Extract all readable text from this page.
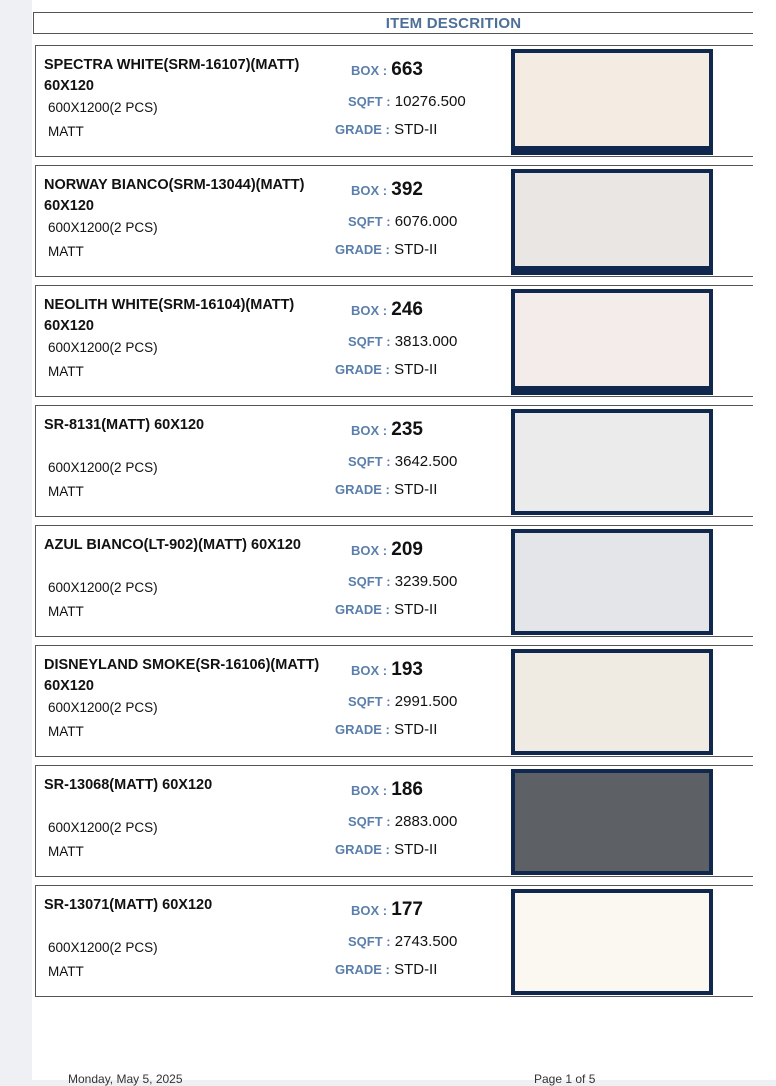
ITEM DESCRITION
SPECTRA WHITE(SRM-16107)(MATT) 60X120
600X1200(2 PCS)
MATT
BOX : 663
SQFT : 10276.500
GRADE : STD-II
NORWAY BIANCO(SRM-13044)(MATT) 60X120
600X1200(2 PCS)
MATT
BOX : 392
SQFT : 6076.000
GRADE : STD-II
NEOLITH WHITE(SRM-16104)(MATT) 60X120
600X1200(2 PCS)
MATT
BOX : 246
SQFT : 3813.000
GRADE : STD-II
SR-8131(MATT) 60X120
600X1200(2 PCS)
MATT
BOX : 235
SQFT : 3642.500
GRADE : STD-II
AZUL BIANCO(LT-902)(MATT) 60X120
600X1200(2 PCS)
MATT
BOX : 209
SQFT : 3239.500
GRADE : STD-II
DISNEYLAND SMOKE(SR-16106)(MATT) 60X120
600X1200(2 PCS)
MATT
BOX : 193
SQFT : 2991.500
GRADE : STD-II
SR-13068(MATT) 60X120
600X1200(2 PCS)
MATT
BOX : 186
SQFT : 2883.000
GRADE : STD-II
SR-13071(MATT) 60X120
600X1200(2 PCS)
MATT
BOX : 177
SQFT : 2743.500
GRADE : STD-II
Monday, May 5, 2025	Page 1 of 5
